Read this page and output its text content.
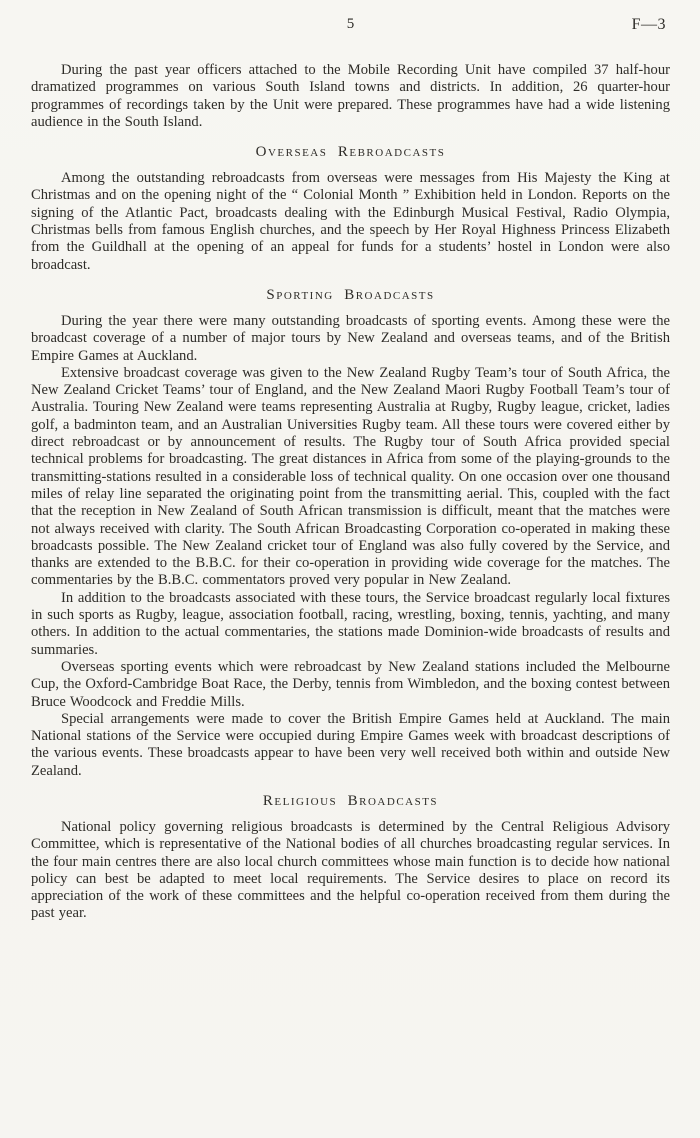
5	F—3

During the past year officers attached to the Mobile Recording Unit have compiled 37 half-hour dramatized programmes on various South Island towns and districts. In addition, 26 quarter-hour programmes of recordings taken by the Unit were prepared. These programmes have had a wide listening audience in the South Island.

Overseas Rebroadcasts

Among the outstanding rebroadcasts from overseas were messages from His Majesty the King at Christmas and on the opening night of the “ Colonial Month ” Exhibition held in London. Reports on the signing of the Atlantic Pact, broadcasts dealing with the Edinburgh Musical Festival, Radio Olympia, Christmas bells from famous English churches, and the speech by Her Royal Highness Princess Elizabeth from the Guildhall at the opening of an appeal for funds for a students’ hostel in London were also broadcast.

Sporting Broadcasts

During the year there were many outstanding broadcasts of sporting events. Among these were the broadcast coverage of a number of major tours by New Zealand and overseas teams, and of the British Empire Games at Auckland.

Extensive broadcast coverage was given to the New Zealand Rugby Team’s tour of South Africa, the New Zealand Cricket Teams’ tour of England, and the New Zealand Maori Rugby Football Team’s tour of Australia. Touring New Zealand were teams representing Australia at Rugby, Rugby league, cricket, ladies golf, a badminton team, and an Australian Universities Rugby team. All these tours were covered either by direct rebroadcast or by announcement of results. The Rugby tour of South Africa provided special technical problems for broadcasting. The great distances in Africa from some of the playing-grounds to the transmitting-stations resulted in a considerable loss of technical quality. On one occasion over one thousand miles of relay line separated the originating point from the transmitting aerial. This, coupled with the fact that the reception in New Zealand of South African transmission is difficult, meant that the matches were not always received with clarity. The South African Broadcasting Corporation co-operated in making these broadcasts possible. The New Zealand cricket tour of England was also fully covered by the Service, and thanks are extended to the B.B.C. for their co-operation in providing wide coverage for the matches. The commentaries by the B.B.C. commentators proved very popular in New Zealand.

In addition to the broadcasts associated with these tours, the Service broadcast regularly local fixtures in such sports as Rugby, league, association football, racing, wrestling, boxing, tennis, yachting, and many others. In addition to the actual commentaries, the stations made Dominion-wide broadcasts of results and summaries.

Overseas sporting events which were rebroadcast by New Zealand stations included the Melbourne Cup, the Oxford-Cambridge Boat Race, the Derby, tennis from Wimbledon, and the boxing contest between Bruce Woodcock and Freddie Mills.

Special arrangements were made to cover the British Empire Games held at Auckland. The main National stations of the Service were occupied during Empire Games week with broadcast descriptions of the various events. These broadcasts appear to have been very well received both within and outside New Zealand.

Religious Broadcasts

National policy governing religious broadcasts is determined by the Central Religious Advisory Committee, which is representative of the National bodies of all churches broadcasting regular services. In the four main centres there are also local church committees whose main function is to decide how national policy can best be adapted to meet local requirements. The Service desires to place on record its appreciation of the work of these committees and the helpful co-operation received from them during the past year.
